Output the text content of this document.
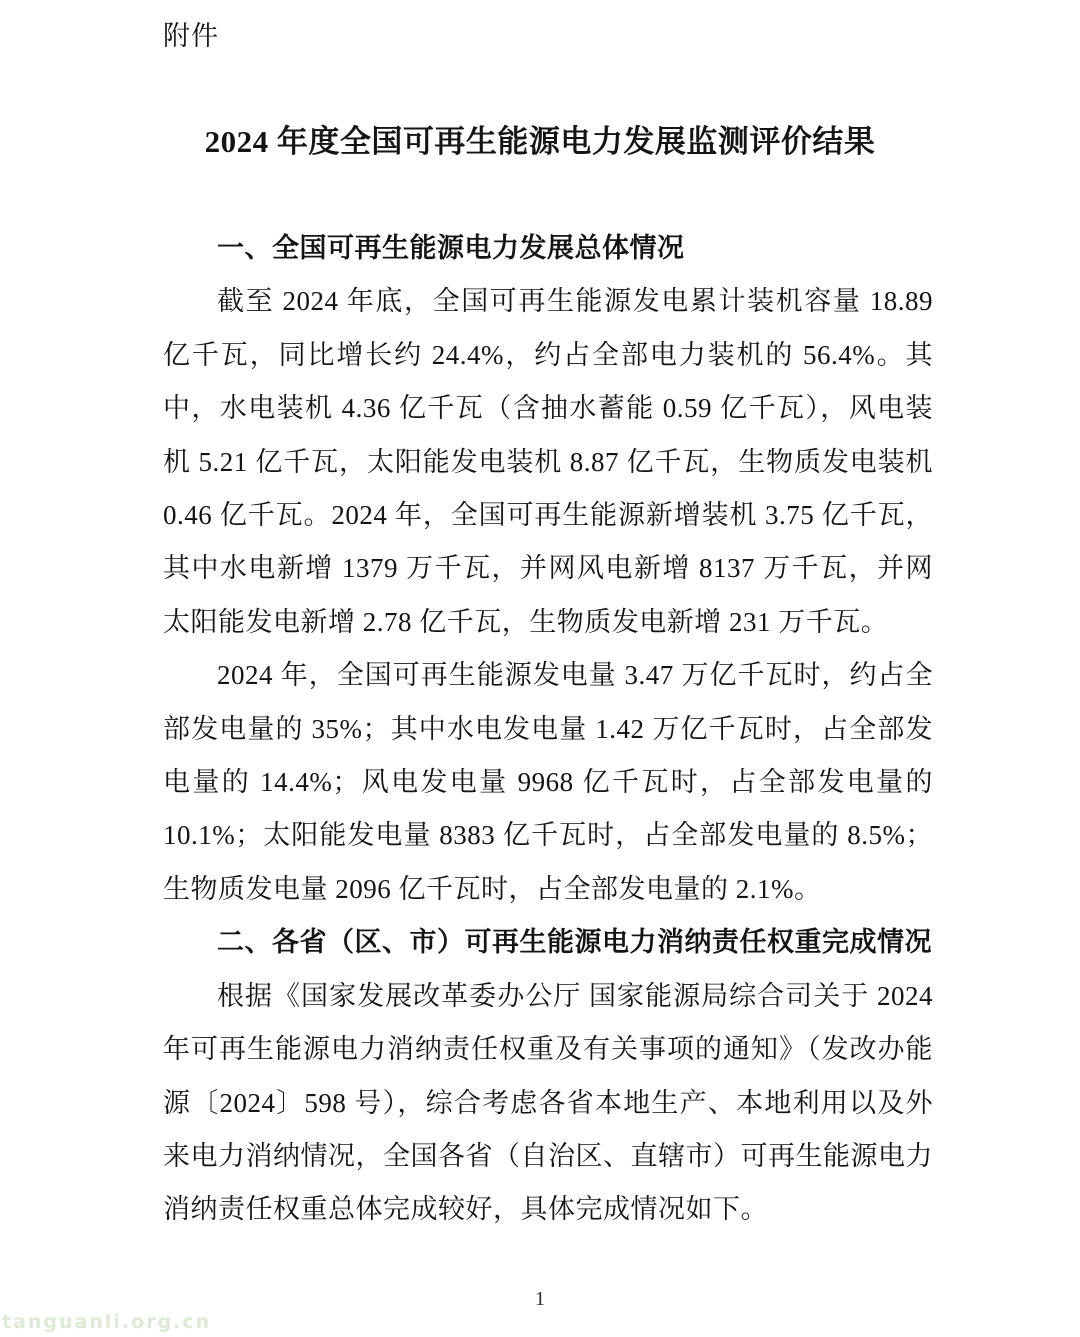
附件
2024 年度全国可再生能源电力发展监测评价结果
一、全国可再生能源电力发展总体情况

截至 2024 年底，全国可再生能源发电累计装机容量 18.89 亿千瓦，同比增长约 24.4%，约占全部电力装机的 56.4%。其中，水电装机 4.36 亿千瓦（含抽水蓄能 0.59 亿千瓦），风电装机 5.21 亿千瓦，太阳能发电装机 8.87 亿千瓦，生物质发电装机 0.46 亿千瓦。2024 年，全国可再生能源新增装机 3.75 亿千瓦，其中水电新增 1379 万千瓦，并网风电新增 8137 万千瓦，并网太阳能发电新增 2.78 亿千瓦，生物质发电新增 231 万千瓦。

2024 年，全国可再生能源发电量 3.47 万亿千瓦时，约占全部发电量的 35%；其中水电发电量 1.42 万亿千瓦时，占全部发电量的 14.4%；风电发电量 9968 亿千瓦时，占全部发电量的 10.1%；太阳能发电量 8383 亿千瓦时，占全部发电量的 8.5%；生物质发电量 2096 亿千瓦时，占全部发电量的 2.1%。

二、各省（区、市）可再生能源电力消纳责任权重完成情况

根据《国家发展改革委办公厅 国家能源局综合司关于 2024 年可再生能源电力消纳责任权重及有关事项的通知》（发改办能源〔2024〕598 号），综合考虑各省本地生产、本地利用以及外来电力消纳情况，全国各省（自治区、直辖市）可再生能源电力消纳责任权重总体完成较好，具体完成情况如下。

1
tanguanli.org.cn
